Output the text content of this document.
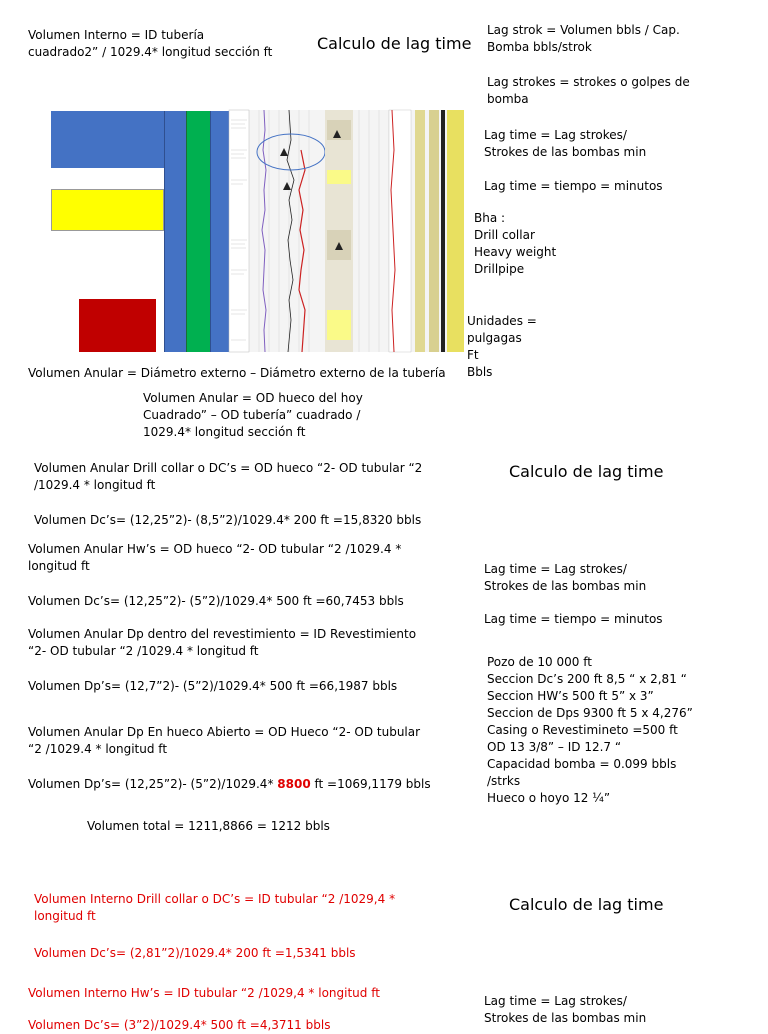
Volumen Interno = ID tubería
cuadrado2” / 1029.4* longitud sección ft	Calculo de lag time
Lag strok = Volumen bbls / Cap.
Bomba bbls/strok
Lag strokes = strokes o golpes de
bomba
Lag time = Lag strokes/
Strokes de las bombas min
Lag time = tiempo = minutos
Bha :
Drill collar
Heavy weight
Drillpipe
Unidades =
pulgagas
Ft
Bbls
Volumen Anular = Diámetro externo – Diámetro externo de la tubería
Volumen Anular = OD hueco del hoy
Cuadrado” – OD tubería” cuadrado /
1029.4* longitud sección ft
Volumen Anular Drill collar o DC’s = OD hueco “2- OD tubular “2
/1029.4 * longitud ft
Calculo de lag time
Volumen Dc’s= (12,25”2)- (8,5”2)/1029.4* 200 ft =15,8320 bbls
Volumen Anular Hw’s = OD hueco “2- OD tubular “2 /1029.4 *
longitud ft
Volumen Dc’s= (12,25”2)- (5”2)/1029.4* 500 ft =60,7453 bbls
Volumen Anular Dp dentro del revestimiento = ID Revestimiento
“2- OD tubular “2 /1029.4 * longitud ft
Volumen Dp’s= (12,7”2)- (5”2)/1029.4* 500 ft =66,1987 bbls
Volumen Anular Dp En hueco Abierto = OD Hueco “2- OD tubular
“2 /1029.4 * longitud ft
Volumen Dp’s= (12,25”2)- (5”2)/1029.4* 8800 ft =1069,1179 bbls
Volumen total = 1211,8866 = 1212 bbls
Lag time = Lag strokes/
Strokes de las bombas min
Lag time = tiempo = minutos
Pozo de 10 000 ft
Seccion Dc’s 200 ft 8,5 “ x 2,81 “
Seccion HW’s 500 ft 5” x 3”
Seccion de Dps 9300 ft 5 x 4,276”
Casing o Revestimineto =500 ft
OD 13 3/8” – ID 12.7 “
Capacidad bomba = 0.099 bbls
/strks
Hueco o hoyo 12 ¼”
Volumen Interno Drill collar o DC’s = ID tubular “2 /1029,4 *
longitud ft
Calculo de lag time
Volumen Dc’s= (2,81”2)/1029.4* 200 ft =1,5341 bbls
Volumen Interno Hw’s = ID tubular “2 /1029,4 * longitud ft
Volumen Dc’s= (3”2)/1029.4* 500 ft =4,3711 bbls
Lag time = Lag strokes/
Strokes de las bombas min
